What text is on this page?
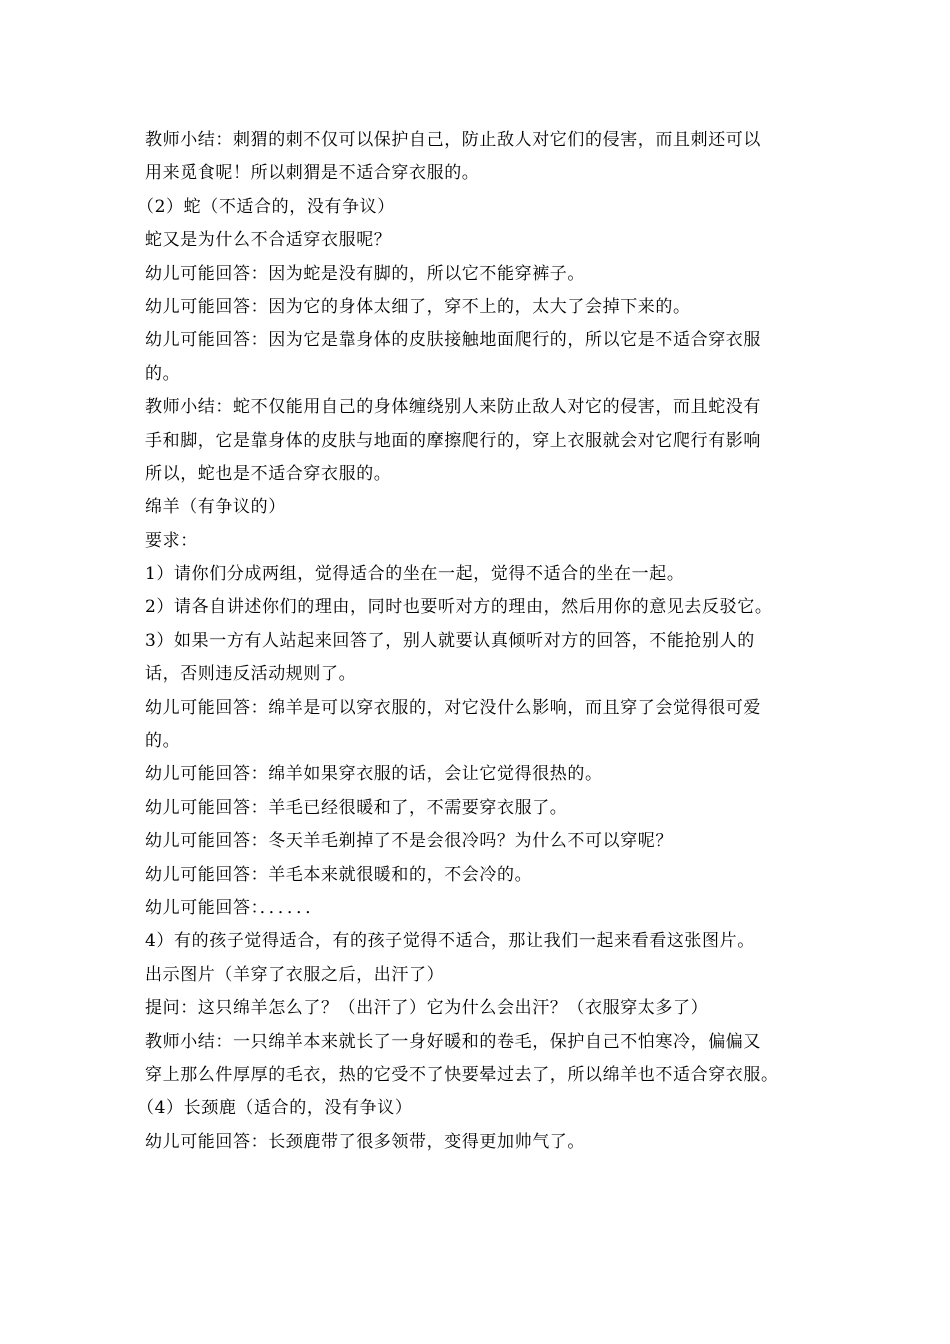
教师小结：刺猬的刺不仅可以保护自己，防止敌人对它们的侵害，而且刺还可以
用来觅食呢！所以刺猬是不适合穿衣服的。
（2）蛇（不适合的，没有争议）
蛇又是为什么不合适穿衣服呢？
幼儿可能回答：因为蛇是没有脚的，所以它不能穿裤子。
幼儿可能回答：因为它的身体太细了，穿不上的，太大了会掉下来的。
幼儿可能回答：因为它是靠身体的皮肤接触地面爬行的，所以它是不适合穿衣服
的。
教师小结：蛇不仅能用自己的身体缠绕别人来防止敌人对它的侵害，而且蛇没有
手和脚，它是靠身体的皮肤与地面的摩擦爬行的，穿上衣服就会对它爬行有影响
所以，蛇也是不适合穿衣服的。
绵羊（有争议的）
要求：
1）请你们分成两组，觉得适合的坐在一起，觉得不适合的坐在一起。
2）请各自讲述你们的理由，同时也要听对方的理由，然后用你的意见去反驳它。
3）如果一方有人站起来回答了，别人就要认真倾听对方的回答，不能抢别人的
话，否则违反活动规则了。
幼儿可能回答：绵羊是可以穿衣服的，对它没什么影响，而且穿了会觉得很可爱
的。
幼儿可能回答：绵羊如果穿衣服的话，会让它觉得很热的。
幼儿可能回答：羊毛已经很暖和了，不需要穿衣服了。
幼儿可能回答：冬天羊毛剃掉了不是会很冷吗？为什么不可以穿呢？
幼儿可能回答：羊毛本来就很暖和的，不会冷的。
幼儿可能回答：．．．．．．
4）有的孩子觉得适合，有的孩子觉得不适合，那让我们一起来看看这张图片。
出示图片（羊穿了衣服之后，出汗了）
提问：这只绵羊怎么了？（出汗了）它为什么会出汗？（衣服穿太多了）
教师小结：一只绵羊本来就长了一身好暖和的卷毛，保护自己不怕寒冷，偏偏又
穿上那么件厚厚的毛衣，热的它受不了快要晕过去了，所以绵羊也不适合穿衣服。
（4）长颈鹿（适合的，没有争议）
幼儿可能回答：长颈鹿带了很多领带，变得更加帅气了。
